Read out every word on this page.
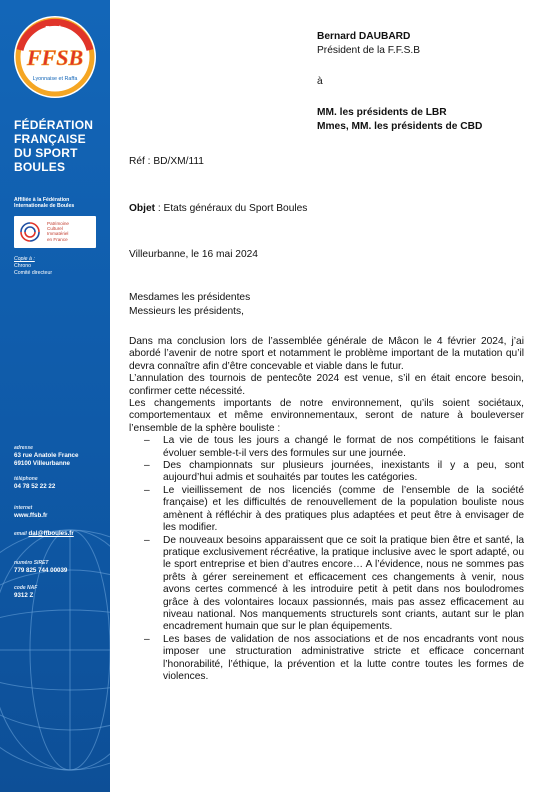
Boule
FFSB
Lyonnaise et Raffa
FÉDÉRATION
FRANÇAISE
DU SPORT
BOULES
Affiliée à la Fédération
Internationale de Boules
Patrimoine
Culturel
Immatériel
en France
Copie à :
Chrono
Comité directeur
adresse
63 rue Anatole France
69100 Villeurbanne
téléphone
04 78 52 22 22
internet
www.ffsb.fr
email dal@ffboules.fr
numéro SIRET
779 825 744 00039
code NAF
9312 Z
Bernard DAUBARD
Président de la F.F.S.B
à
MM. les présidents de LBR
Mmes, MM. les présidents de CBD

Réf : BD/XM/111

Objet : Etats généraux du Sport Boules

Villeurbanne, le 16 mai 2024

Mesdames les présidentes

Messieurs les présidents,

Dans ma conclusion lors de l’assemblée générale de Mâcon le 4 février 2024, j’ai abordé l’avenir de notre sport et notamment le problème important de la mutation qu’il devra connaître afin d’être concevable et viable dans le futur.

L’annulation des tournois de pentecôte 2024 est venue, s’il en était encore besoin, confirmer cette nécessité.

Les changements importants de notre environnement, qu’ils soient sociétaux, comportementaux et même environnementaux, seront de nature à bouleverser l’ensemble de la sphère bouliste :

– La vie de tous les jours a changé le format de nos compétitions le faisant évoluer semble-t-il vers des formules sur une journée.
– Des championnats sur plusieurs journées, inexistants il y a peu, sont aujourd’hui admis et souhaités par toutes les catégories.
– Le vieillissement de nos licenciés (comme de l’ensemble de la société française) et les difficultés de renouvellement de la population bouliste nous amènent à réfléchir à des pratiques plus adaptées et peut être à envisager de les modifier.
– De nouveaux besoins apparaissent que ce soit la pratique bien être et santé, la pratique exclusivement récréative, la pratique inclusive avec le sport adapté, ou le sport entreprise et bien d’autres encore… A l’évidence, nous ne sommes pas prêts à gérer sereinement et efficacement ces changements à venir, nous avons certes commencé à les introduire petit à petit dans nos boulodromes grâce à des volontaires locaux passionnés, mais pas assez efficacement au niveau national. Nos manquements structurels sont criants, autant sur le plan encadrement humain que sur le plan équipements.
– Les bases de validation de nos associations et de nos encadrants vont nous imposer une structuration administrative stricte et efficace concernant l’honorabilité, l’éthique, la prévention et la lutte contre toutes les formes de violences.
